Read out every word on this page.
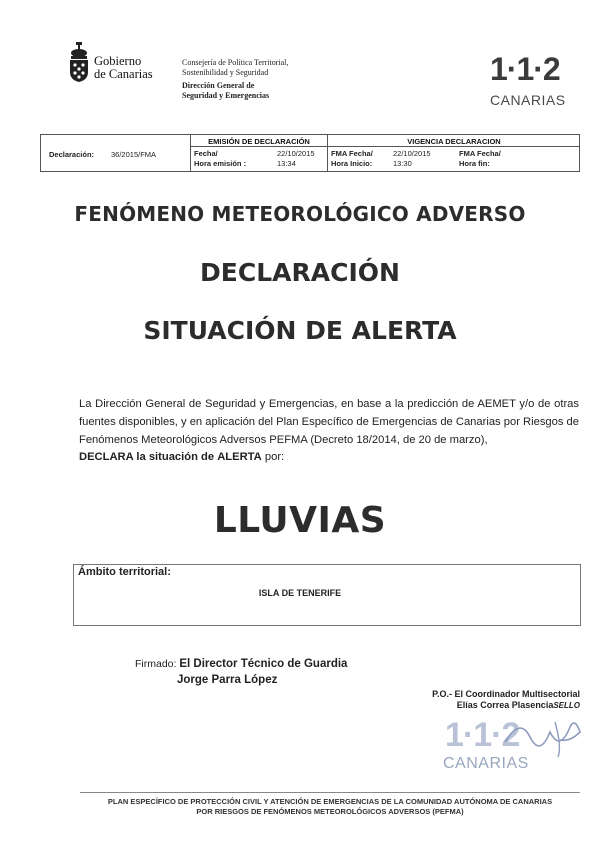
Gobierno
de Canarias
Consejería de Política Territorial,
Sostenibilidad y Seguridad
Dirección General de
Seguridad y Emergencias
1·1·2
CANARIAS
Declaración: 36/2015/FMA
EMISIÓN DE DECLARACIÓN
Fecha/
Hora emisión :
22/10/2015
13:34
VIGENCIA DECLARACION
FMA Fecha/
Hora Inicio:
22/10/2015
13:30
FMA Fecha/
Hora fin:
FENÓMENO METEOROLÓGICO ADVERSO
DECLARACIÓN
SITUACIÓN DE ALERTA
La Dirección General de Seguridad y Emergencias, en base a la predicción de AEMET y/o de otras fuentes disponibles, y en aplicación del Plan Específico de Emergencias de Canarias por Riesgos de Fenómenos Meteorológicos Adversos PEFMA (Decreto 18/2014, de 20 de marzo),
DECLARA la situación de ALERTA por:
LLUVIAS
Ámbito territorial:
ISLA DE TENERIFE
Firmado: El Director Técnico de Guardia
Jorge Parra López
P.O.- El Coordinador Multisectorial
Elías Correa PlasenciaSELLO
1·1·2
CANARIAS
PLAN ESPECÍFICO DE PROTECCIÓN CIVIL Y ATENCIÓN DE EMERGENCIAS DE LA COMUNIDAD AUTÓNOMA DE CANARIAS
POR RIESGOS DE FENÓMENOS METEOROLÓGICOS ADVERSOS (PEFMA)
